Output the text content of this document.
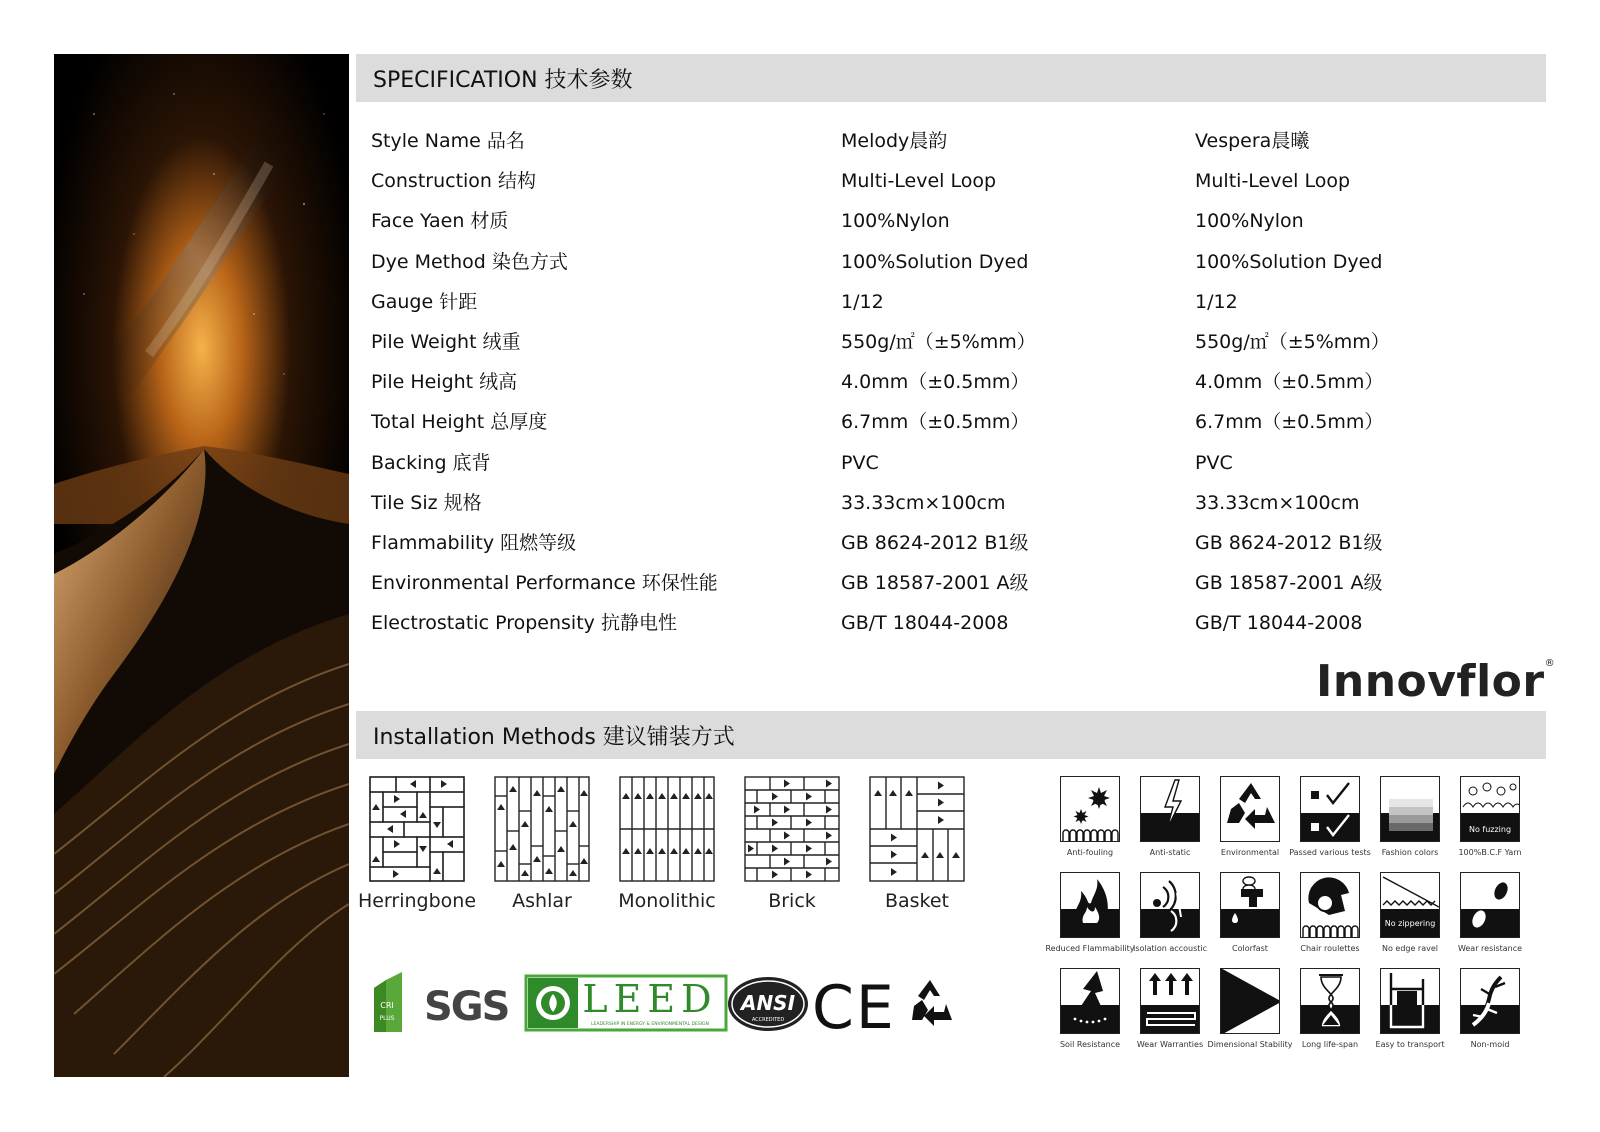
SPECIFICATION 技术参数
Style Name 品名	Melody晨韵	Vespera晨曦
Construction 结构	Multi-Level Loop	Multi-Level Loop
Face Yaen 材质	100%Nylon	100%Nylon
Dye Method 染色方式	100%Solution Dyed	100%Solution Dyed
Gauge 针距	1/12	1/12
Pile Weight 绒重	550g/㎡（±5%mm）	550g/㎡（±5%mm）
Pile Height 绒高	4.0mm（±0.5mm）	4.0mm（±0.5mm）
Total Height 总厚度	6.7mm（±0.5mm）	6.7mm（±0.5mm）
Backing 底背	PVC	PVC
Tile Siz 规格	33.33cm×100cm	33.33cm×100cm
Flammability 阻燃等级	GB 8624-2012 B1级	GB 8624-2012 B1级
Environmental Performance 环保性能	GB 18587-2001 A级	GB 18587-2001 A级
Electrostatic Propensity 抗静电性	GB/T 18044-2008	GB/T 18044-2008
Innovflor®
Installation Methods 建议铺装方式
Herringbone	Ashlar	Monolithic	Brick	Basket
CRI
PLUS SGS LEED
LEADERSHIP IN ENERGY & ENVIRONMENTAL DESIGN
ANSI
ACCREDITED CE
Anti-fouling	Anti-static	Environmental	Passed various tests	Fashion colors
No fuzzing
100%B.C.F Yarn
Reduced Flammability
Isolation accoustic	Colorfast	Chair roulettes
No zippering
No edge ravel	Wear resistance
Soil Resistance	Wear Warranties Dimensional Stability	Long life-span	Easy to transport	Non-moid
